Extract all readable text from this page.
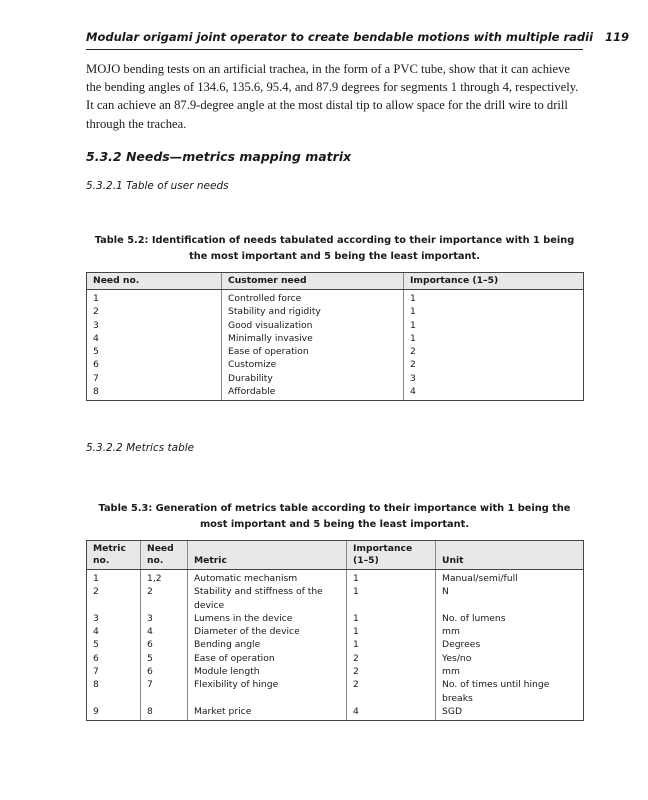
Modular origami joint operator to create bendable motions with multiple radii 119
MOJO bending tests on an artificial trachea, in the form of a PVC tube, show that it can achieve the bending angles of 134.6, 135.6, 95.4, and 87.9 degrees for segments 1 through 4, respectively. It can achieve an 87.9-degree angle at the most distal tip to allow space for the drill wire to drill through the trachea.
5.3.2 Needs—metrics mapping matrix
5.3.2.1 Table of user needs
Table 5.2: Identification of needs tabulated according to their importance with 1 being the most important and 5 being the least important.
Need no.	Customer need	Importance (1–5)
1	Controlled force	1
2	Stability and rigidity	1
3	Good visualization	1
4	Minimally invasive	1
5	Ease of operation	2
6	Customize	2
7	Durability	3
8	Affordable	4
5.3.2.2 Metrics table
Table 5.3: Generation of metrics table according to their importance with 1 being the most important and 5 being the least important.
Metric no.	Need no.	Metric	Importance (1–5)	Unit
1	1,2	Automatic mechanism	1	Manual/semi/full
2	2	Stability and stiffness of the device	1	N
3	3	Lumens in the device	1	No. of lumens
4	4	Diameter of the device	1	mm
5	6	Bending angle	1	Degrees
6	5	Ease of operation	2	Yes/no
7	6	Module length	2	mm
8	7	Flexibility of hinge	2	No. of times until hinge breaks
9	8	Market price	4	SGD
